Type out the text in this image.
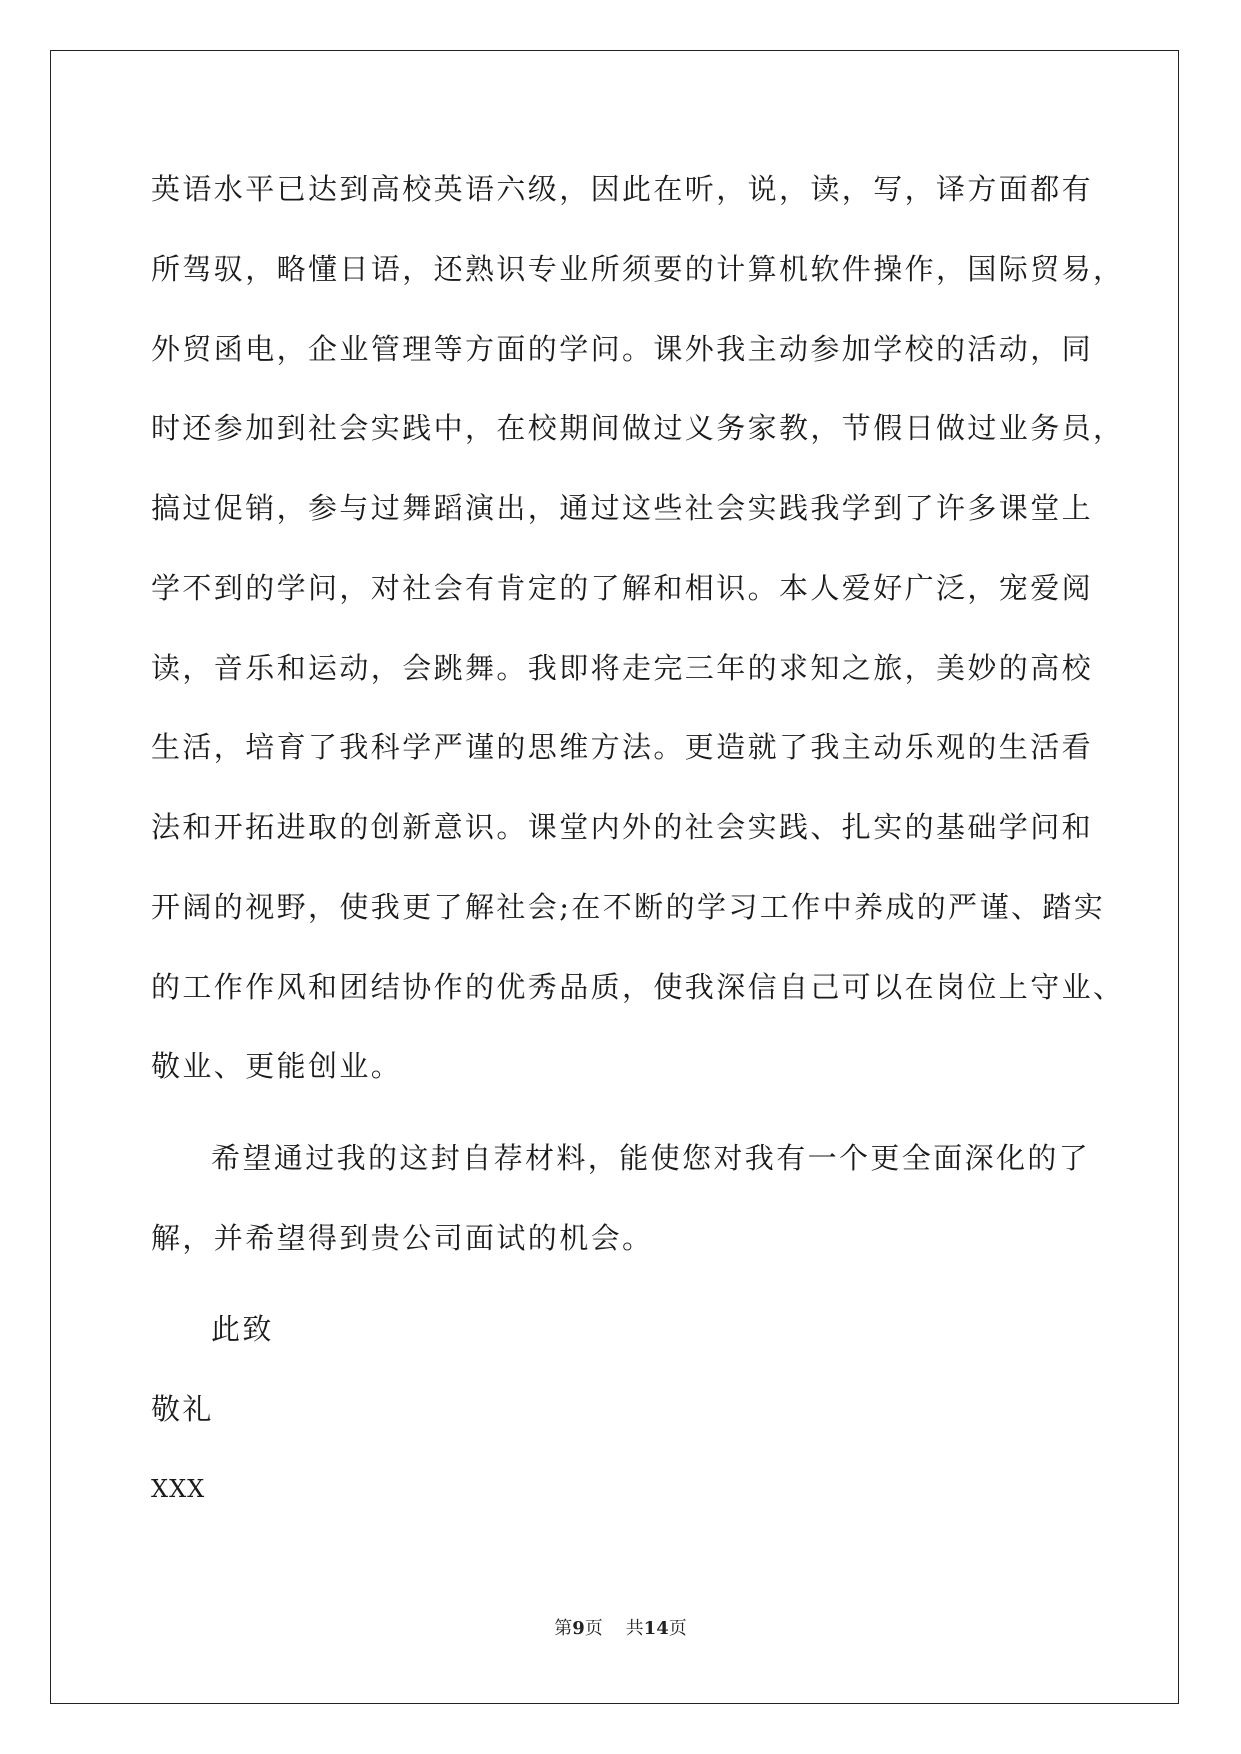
英语水平已达到高校英语六级，因此在听，说，读，写，译方面都有
所驾驭，略懂日语，还熟识专业所须要的计算机软件操作，国际贸易，
外贸函电，企业管理等方面的学问。课外我主动参加学校的活动，同
时还参加到社会实践中，在校期间做过义务家教，节假日做过业务员，
搞过促销，参与过舞蹈演出，通过这些社会实践我学到了许多课堂上
学不到的学问，对社会有肯定的了解和相识。本人爱好广泛，宠爱阅
读，音乐和运动，会跳舞。我即将走完三年的求知之旅，美妙的高校
生活，培育了我科学严谨的思维方法。更造就了我主动乐观的生活看
法和开拓进取的创新意识。课堂内外的社会实践、扎实的基础学问和
开阔的视野，使我更了解社会;在不断的学习工作中养成的严谨、踏实
的工作作风和团结协作的优秀品质，使我深信自己可以在岗位上守业、
敬业、更能创业。
希望通过我的这封自荐材料，能使您对我有一个更全面深化的了
解，并希望得到贵公司面试的机会。
此致
敬礼
XXX
第9页 共14页
